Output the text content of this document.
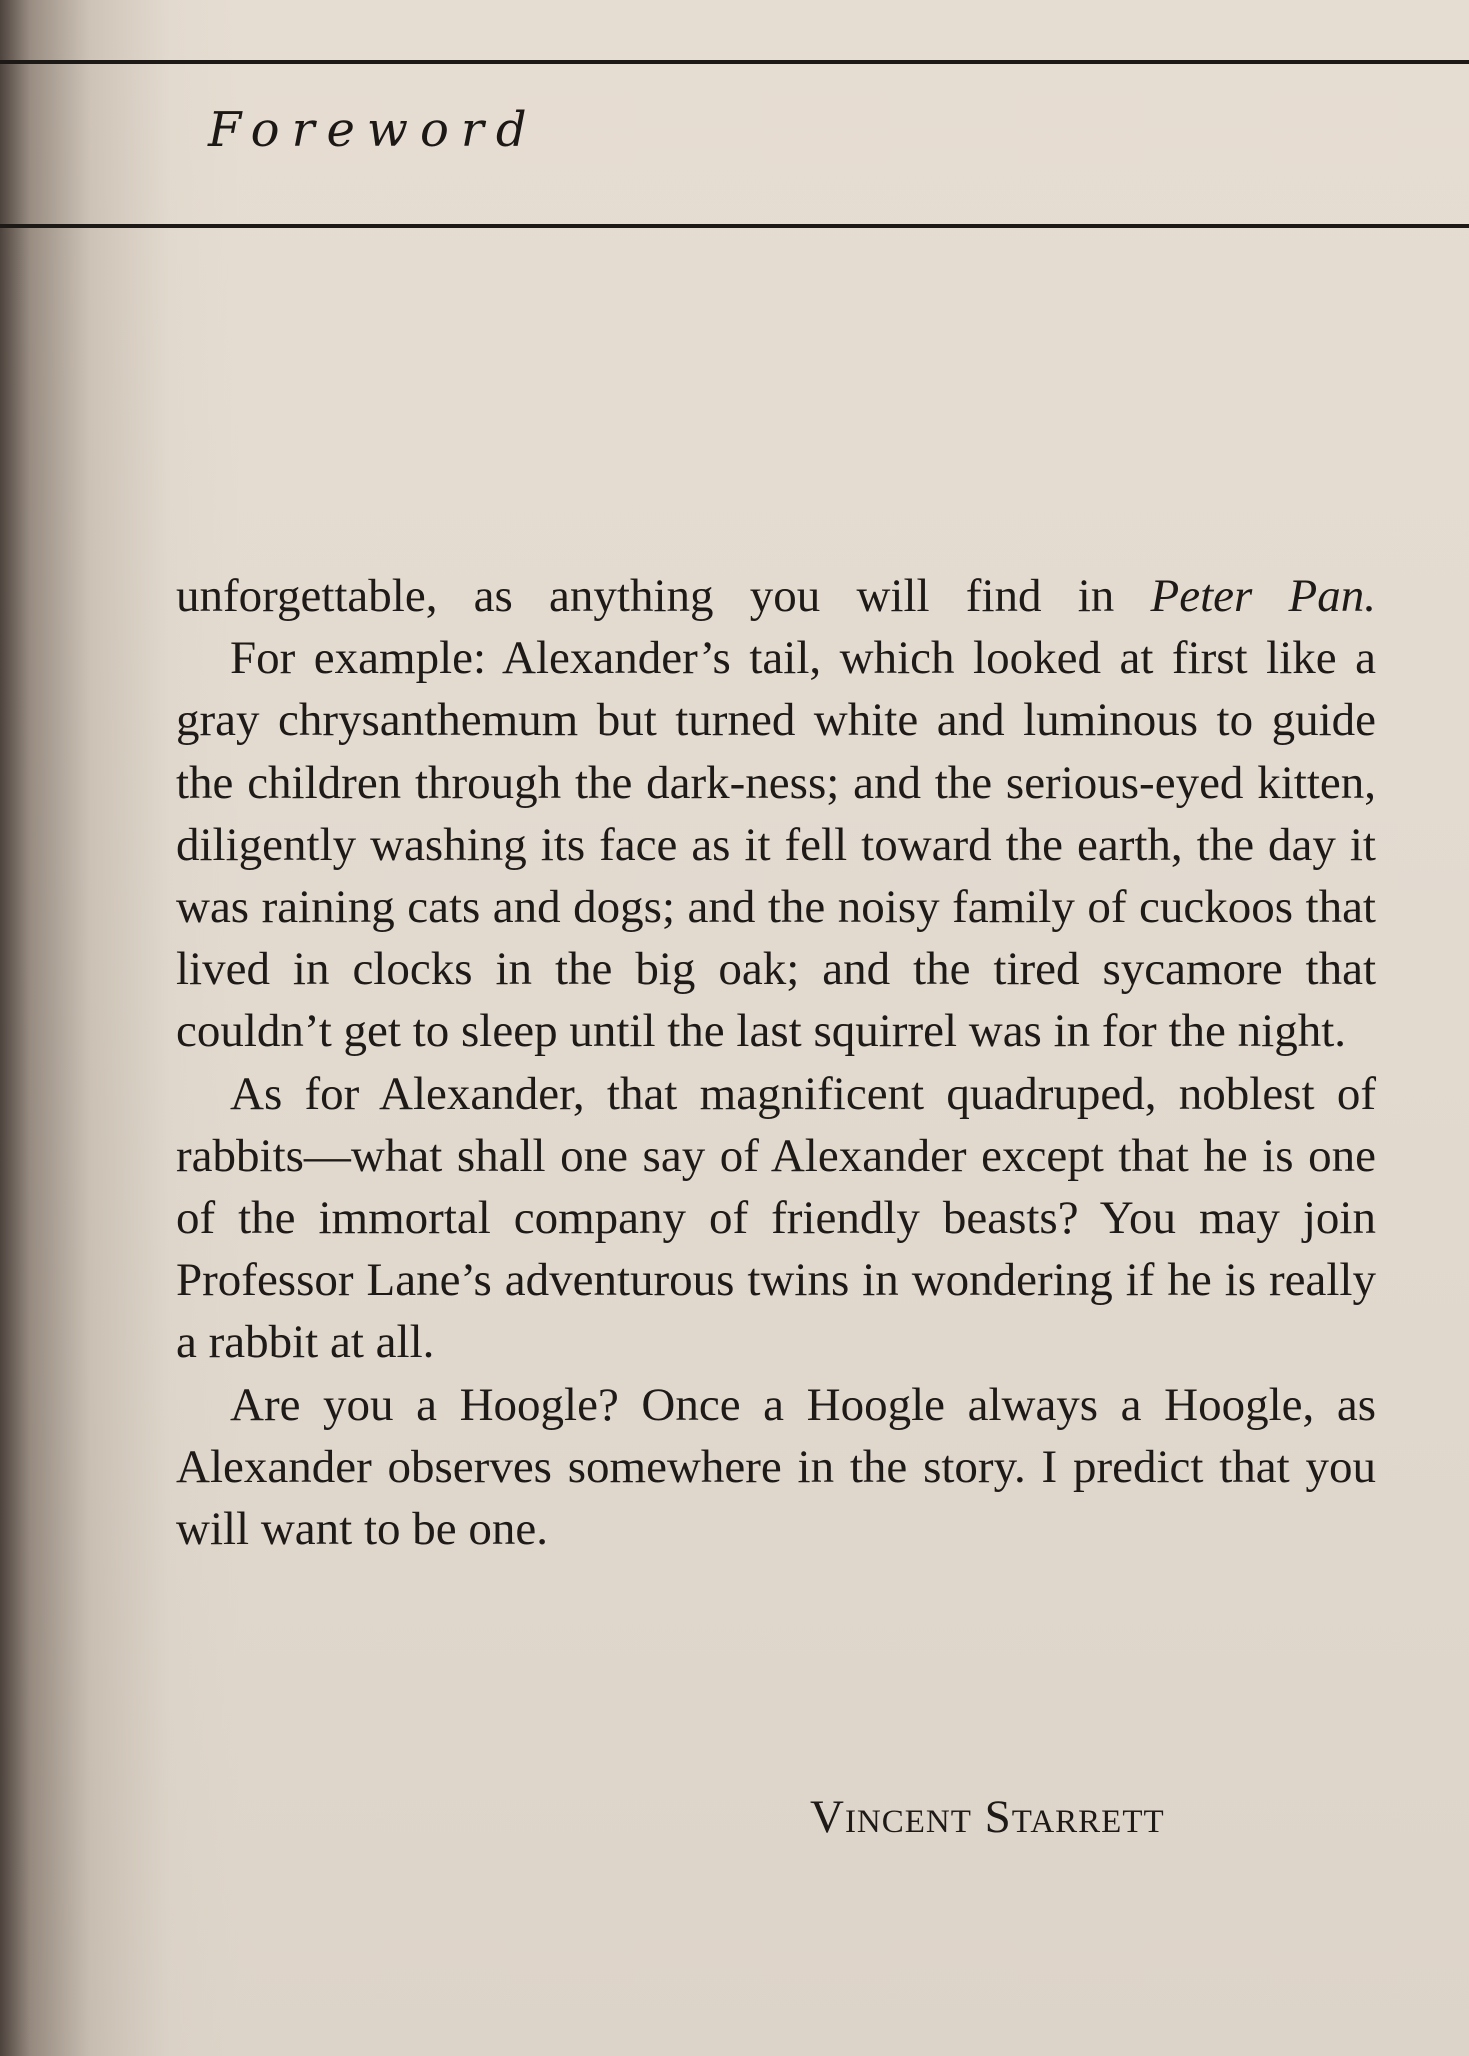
Foreword

unforgettable, as anything you will find in Peter Pan.

For example: Alexander’s tail, which looked at first like a gray chrysanthemum but turned white and luminous to guide the children through the dark-ness; and the serious-eyed kitten, diligently washing its face as it fell toward the earth, the day it was raining cats and dogs; and the noisy family of cuckoos that lived in clocks in the big oak; and the tired sycamore that couldn’t get to sleep until the last squirrel was in for the night.

As for Alexander, that magnificent quadruped, noblest of rabbits—what shall one say of Alexander except that he is one of the immortal company of friendly beasts? You may join Professor Lane’s adventurous twins in wondering if he is really a rabbit at all.

Are you a Hoogle? Once a Hoogle always a Hoogle, as Alexander observes somewhere in the story. I predict that you will want to be one.

Vincent Starrett
